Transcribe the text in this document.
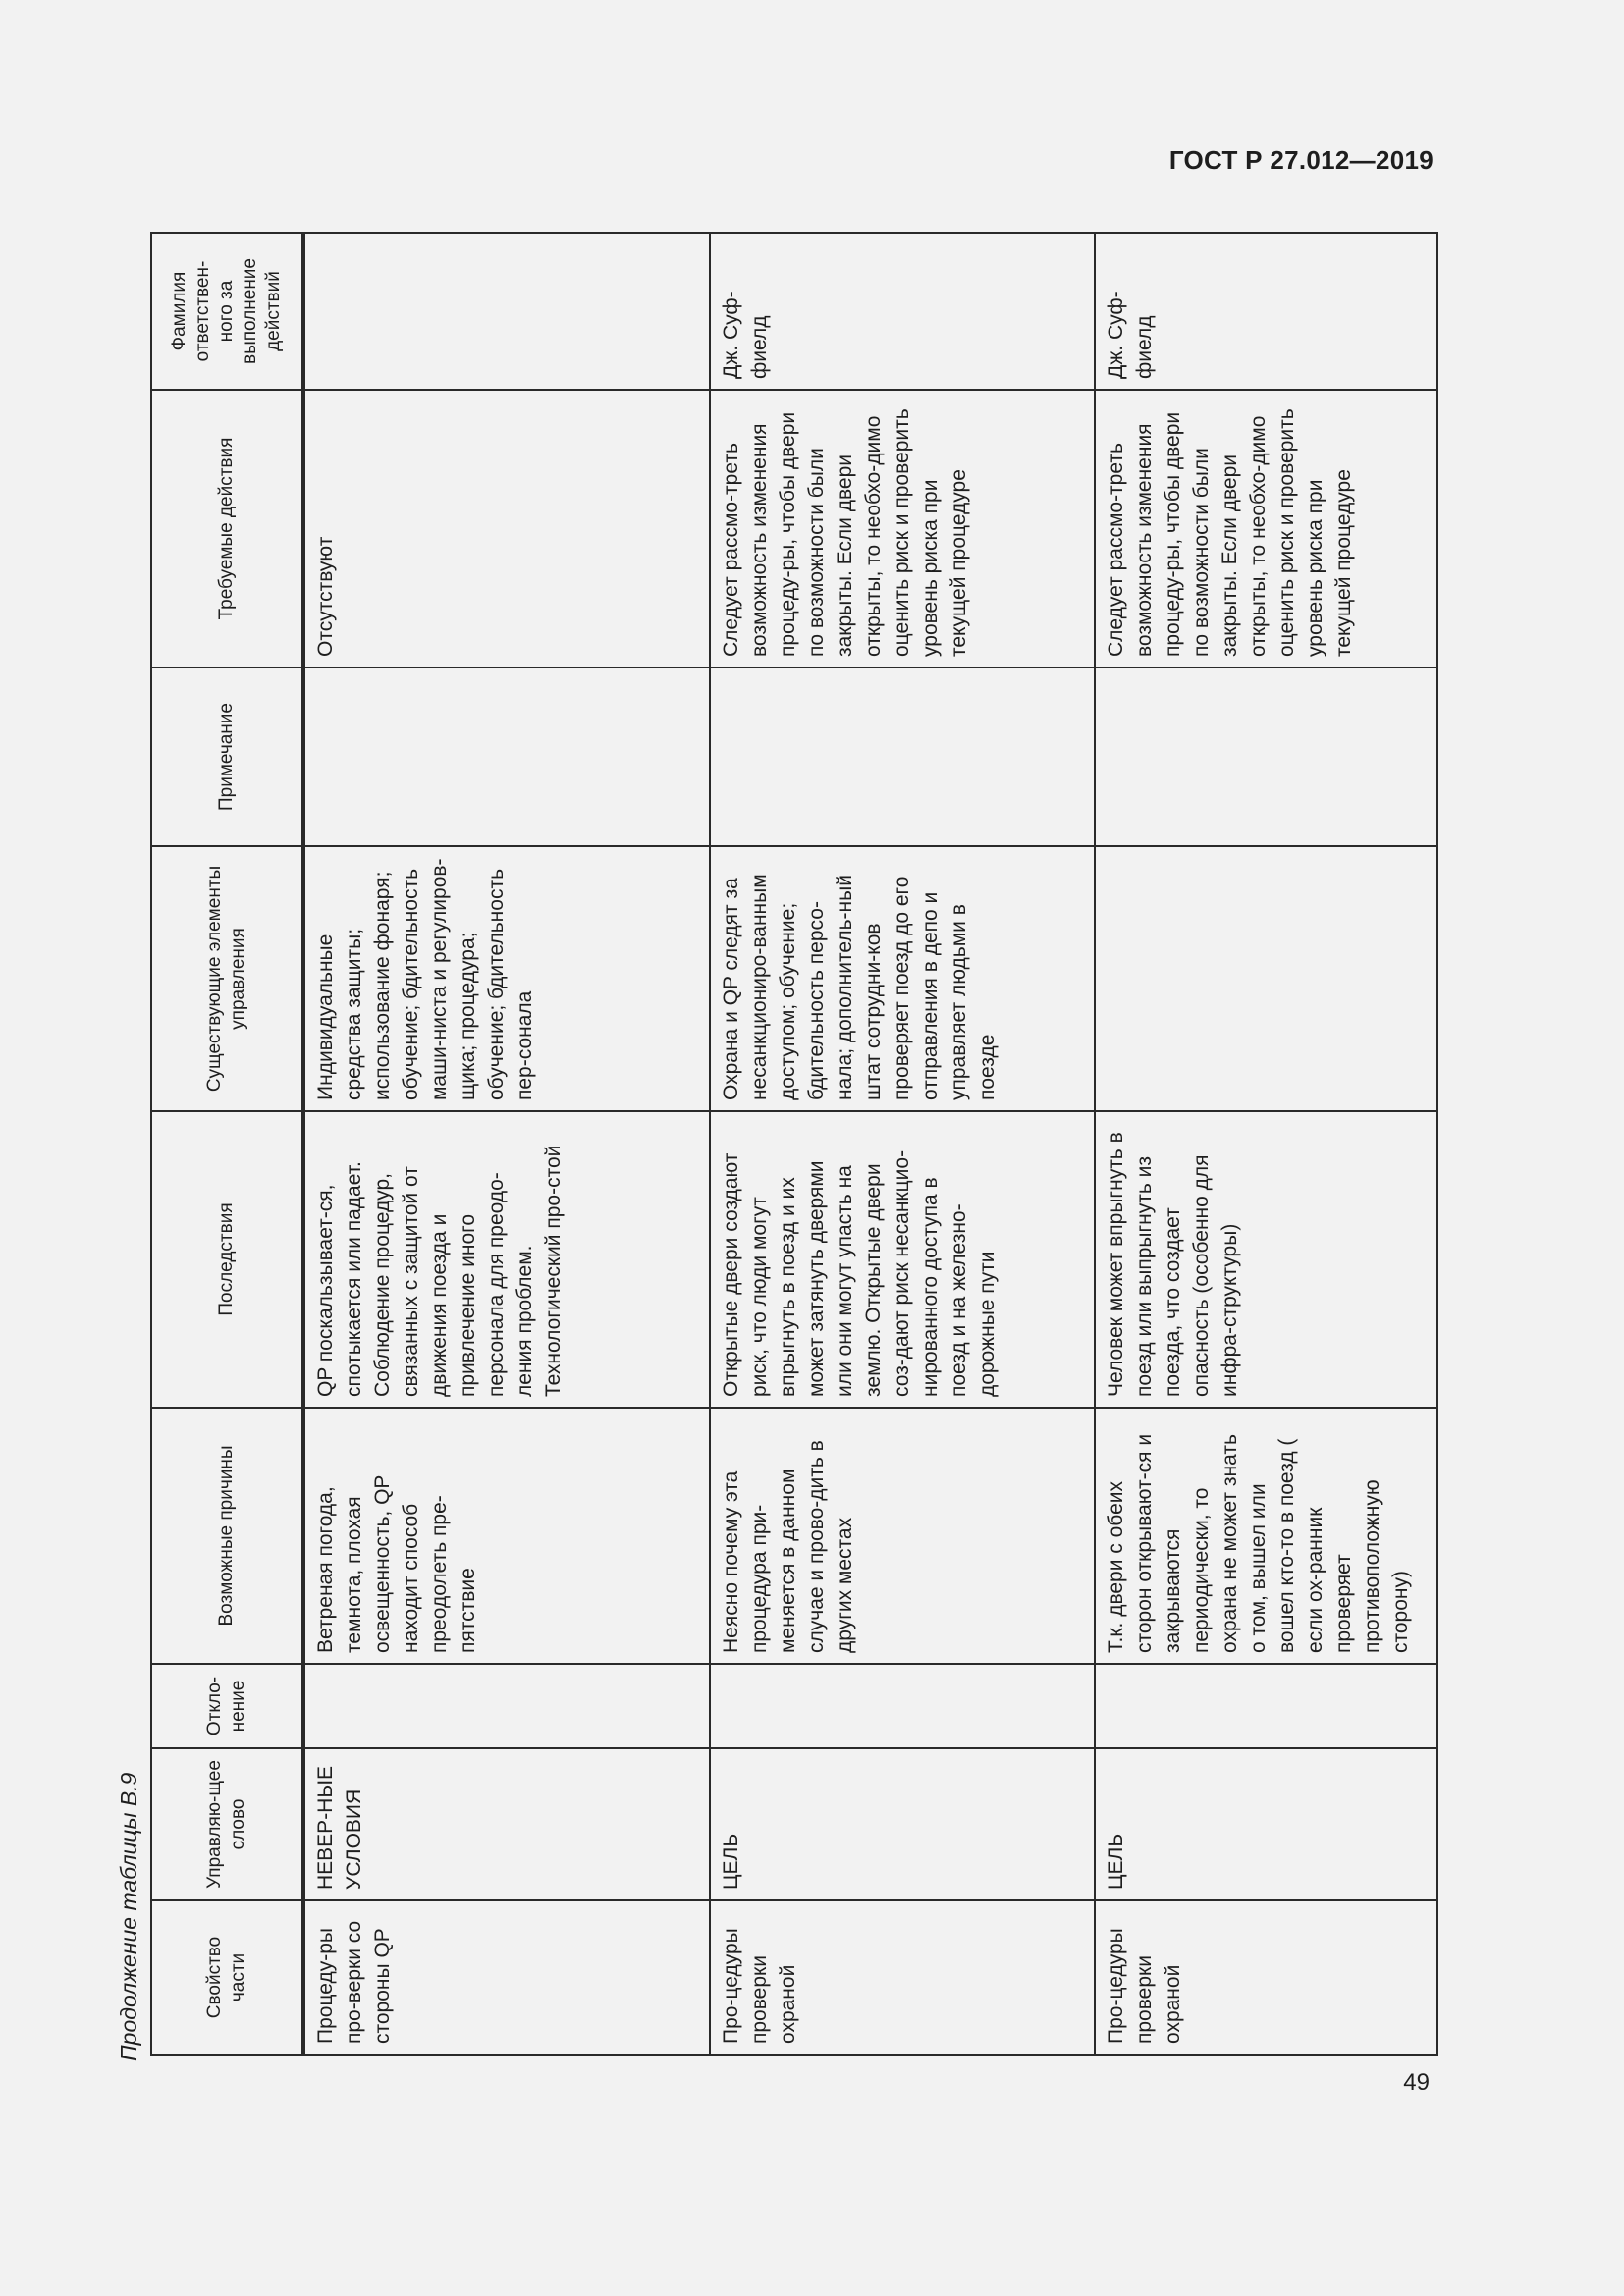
ГОСТ Р 27.012—2019
Продолжение таблицы В.9	Свойство части	Управляю-щее слово	Откло-нение	Возможные причины	Последствия	Существующие элементы управления	Примечание	Требуемые действия	Фамилия ответствен-ного за выполнение действий
Процеду-ры про-верки со стороны QP	НЕВЕР-НЫЕ УСЛОВИЯ		Ветреная погода, темнота, плохая освещенность, QP находит способ преодолеть пре-пятствие	QP поскальзывает-ся, спотыкается или падает. Соблюдение процедур, связанных с защитой от движения поезда и привлечение иного персонала для преодо-ления проблем. Технологический про-стой	Индивидуальные средства защиты; использование фонаря; обучение; бдительность маши-ниста и регулиров-щика; процедура; обучение; бдительность пер-сонала		Отсутствуют	
Про-цедуры проверки охраной	ЦЕЛЬ		Неясно почему эта процедура при-меняется в данном случае и прово-дить в других местах	Открытые двери создают риск, что люди могут впрыгнуть в поезд и их может затянуть дверями или они могут упасть на землю. Открытые двери соз-дают риск несанкцио-нированного доступа в поезд и на железно-дорожные пути	Охрана и QP следят за несанкциониро-ванным доступом; обучение; бдительность персо-нала; дополнитель-ный штат сотрудни-ков проверяет поезд до его отправления в депо и управляет людьми в поезде		Следует рассмо-треть возможность изменения процеду-ры, чтобы двери по возможности были закрыты. Если двери открыты, то необхо-димо оценить риск и проверить уровень риска при текущей процедуре	Дж. Суф-фиелд
Про-цедуры проверки охраной	ЦЕЛЬ		Т.к. двери с обеих сторон открывают-ся и закрываются периодически, то охрана не может знать о том, вышел или вошел кто-то в поезд ( если ох-ранник проверяет противоположную сторону)	Человек может впрыгнуть в поезд или выпрыгнуть из поезда, что создает опасность (особенно для инфра-структуры)			Следует рассмо-треть возможность изменения процеду-ры, чтобы двери по возможности были закрыты. Если двери открыты, то необхо-димо оценить риск и проверить уровень риска при текущей процедуре	Дж. Суф-фиелд
49
